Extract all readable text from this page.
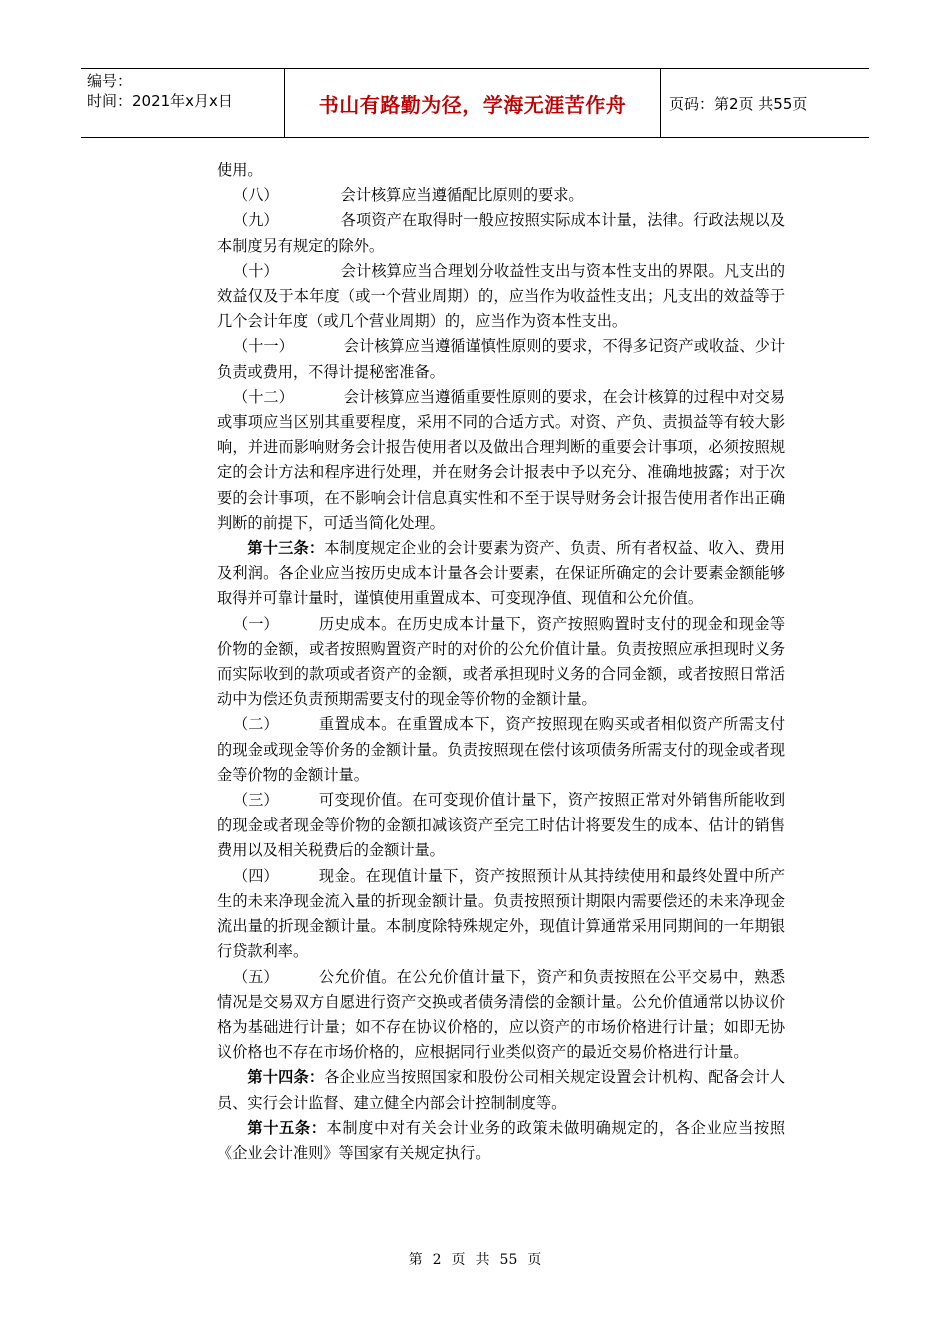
编号：
时间：2021年x月x日	书山有路勤为径，学海无涯苦作舟	页码：第2页 共55页

使用。

（八）	会计核算应当遵循配比原则的要求。

（九）	各项资产在取得时一般应按照实际成本计量，法律。行政法规以及本制度另有规定的除外。

（十）	会计核算应当合理划分收益性支出与资本性支出的界限。凡支出的效益仅及于本年度（或一个营业周期）的，应当作为收益性支出；凡支出的效益等于几个会计年度（或几个营业周期）的，应当作为资本性支出。

（十一）	会计核算应当遵循谨慎性原则的要求，不得多记资产或收益、少计负责或费用，不得计提秘密准备。

（十二）	会计核算应当遵循重要性原则的要求，在会计核算的过程中对交易或事项应当区别其重要程度，采用不同的合适方式。对资、产负、责损益等有较大影响，并进而影响财务会计报告使用者以及做出合理判断的重要会计事项，必须按照规定的会计方法和程序进行处理，并在财务会计报表中予以充分、准确地披露；对于次要的会计事项，在不影响会计信息真实性和不至于误导财务会计报告使用者作出正确判断的前提下，可适当简化处理。

第十三条：本制度规定企业的会计要素为资产、负责、所有者权益、收入、费用及利润。各企业应当按历史成本计量各会计要素，在保证所确定的会计要素金额能够取得并可靠计量时，谨慎使用重置成本、可变现净值、现值和公允价值。

（一）	历史成本。在历史成本计量下，资产按照购置时支付的现金和现金等价物的金额，或者按照购置资产时的对价的公允价值计量。负责按照应承担现时义务而实际收到的款项或者资产的金额，或者承担现时义务的合同金额，或者按照日常活动中为偿还负责预期需要支付的现金等价物的金额计量。

（二）	重置成本。在重置成本下，资产按照现在购买或者相似资产所需支付的现金或现金等价务的金额计量。负责按照现在偿付该项债务所需支付的现金或者现金等价物的金额计量。

（三）	可变现价值。在可变现价值计量下，资产按照正常对外销售所能收到的现金或者现金等价物的金额扣减该资产至完工时估计将要发生的成本、估计的销售费用以及相关税费后的金额计量。

（四）	现金。在现值计量下，资产按照预计从其持续使用和最终处置中所产生的未来净现金流入量的折现金额计量。负责按照预计期限内需要偿还的未来净现金流出量的折现金额计量。本制度除特殊规定外，现值计算通常采用同期间的一年期银行贷款利率。

（五）	公允价值。在公允价值计量下，资产和负责按照在公平交易中，熟悉情况是交易双方自愿进行资产交换或者债务清偿的金额计量。公允价值通常以协议价格为基础进行计量；如不存在协议价格的，应以资产的市场价格进行计量；如即无协议价格也不存在市场价格的，应根据同行业类似资产的最近交易价格进行计量。

第十四条：各企业应当按照国家和股份公司相关规定设置会计机构、配备会计人员、实行会计监督、建立健全内部会计控制制度等。

第十五条：本制度中对有关会计业务的政策未做明确规定的，各企业应当按照《企业会计准则》等国家有关规定执行。

第 2 页 共 55 页
